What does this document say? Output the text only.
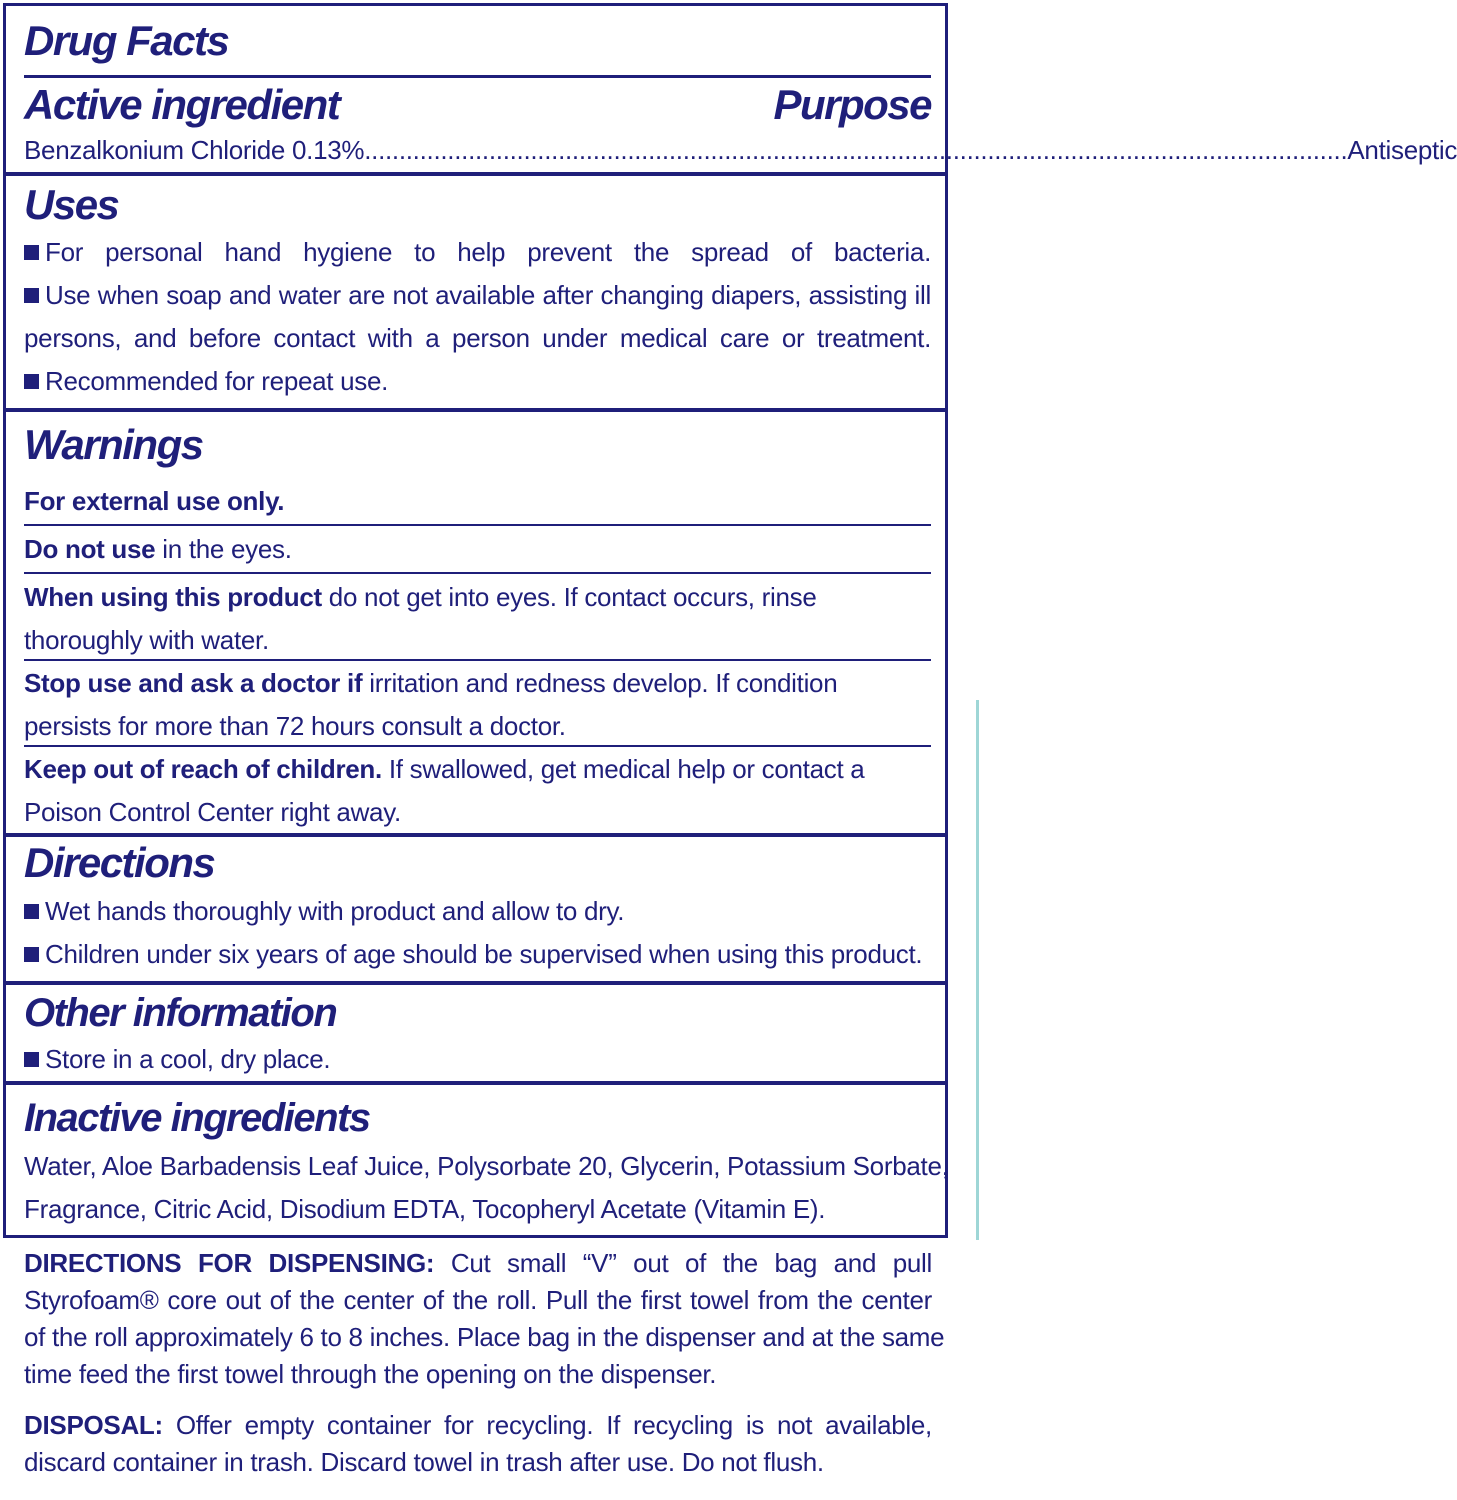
Drug Facts
Active ingredient	Purpose
Benzalkonium Chloride 0.13% .............................................................................................................................................. Antiseptic
Uses
For personal hand hygiene to help prevent the spread of bacteria.
Use when soap and water are not available after changing diapers, assisting ill
persons, and before contact with a person under medical care or treatment.
Recommended for repeat use.
Warnings
For external use only.
Do not use in the eyes.
When using this product do not get into eyes. If contact occurs, rinse
thoroughly with water.
Stop use and ask a doctor if irritation and redness develop. If condition
persists for more than 72 hours consult a doctor.
Keep out of reach of children. If swallowed, get medical help or contact a
Poison Control Center right away.
Directions
Wet hands thoroughly with product and allow to dry.
Children under six years of age should be supervised when using this product.
Other information
Store in a cool, dry place.
Inactive ingredients
Water, Aloe Barbadensis Leaf Juice, Polysorbate 20, Glycerin, Potassium Sorbate,
Fragrance, Citric Acid, Disodium EDTA, Tocopheryl Acetate (Vitamin E).
DIRECTIONS FOR DISPENSING: Cut small “V” out of the bag and pull
Styrofoam® core out of the center of the roll. Pull the first towel from the center
of the roll approximately 6 to 8 inches. Place bag in the dispenser and at the same
time feed the first towel through the opening on the dispenser.
DISPOSAL: Offer empty container for recycling. If recycling is not available,
discard container in trash. Discard towel in trash after use. Do not flush.
